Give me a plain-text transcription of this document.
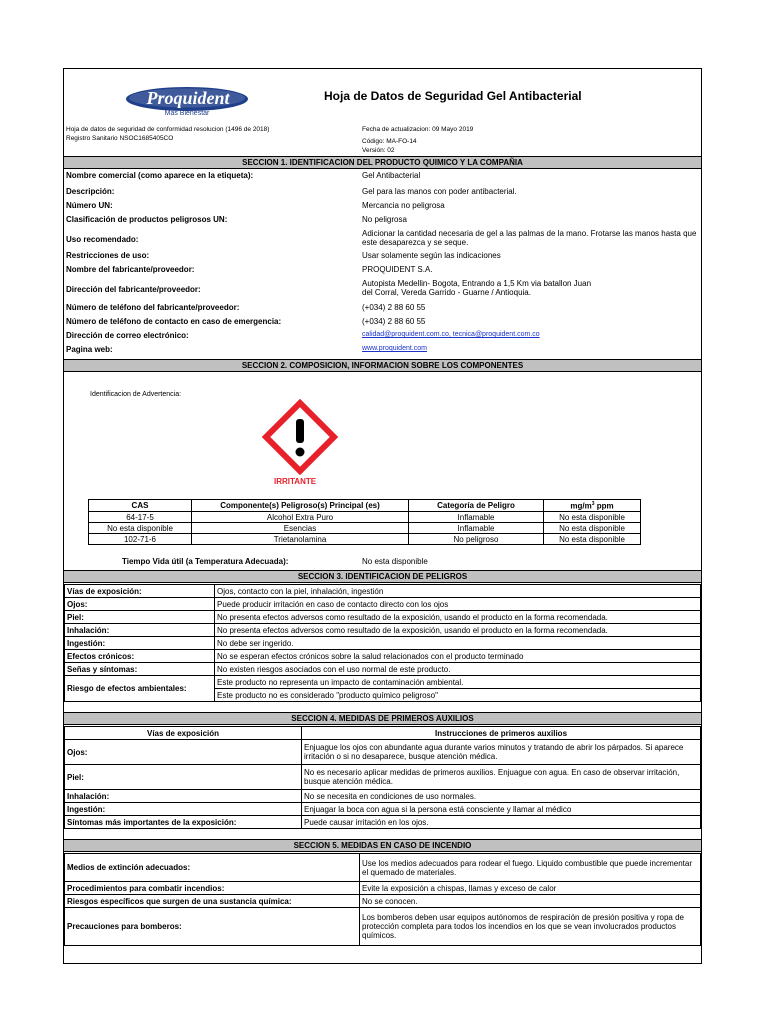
Proquident
Más Bienestar
Hoja de Datos de Seguridad Gel Antibacterial
Hoja de datos de seguridad de conformidad resolucion (1496 de 2018)
Registro Sanitario NSOC1685405CO
Fecha de actualizacion: 09 Mayo 2019
Código: MA-FO-14
Versión: 02
SECCION 1. IDENTIFICACION DEL PRODUCTO QUIMICO Y LA COMPAÑIA
Nombre comercial (como aparece en la etiqueta):	Gel Antibacterial
Descripción:	Gel para las manos con poder antibacterial.
Número UN:	Mercancia no peligrosa
Clasificación de productos peligrosos UN:	No peligrosa
Uso recomendado:
Adicionar la cantidad necesaria de gel a las palmas de la mano. Frotarse las manos hasta que este desaparezca y se seque.
Restricciones de uso:	Usar solamente según las indicaciones
Nombre del fabricante/proveedor:	PROQUIDENT S.A.
Dirección del fabricante/proveedor:
Autopista Medellin- Bogota, Entrando a 1,5 Km via batallon Juan del Corral, Vereda Garrido - Guarne / Antioquia.
Número de teléfono del fabricante/proveedor:	(+034) 2 88 60 55
Número de teléfono de contacto en caso de emergencia:	(+034) 2 88 60 55
Dirección de correo electrónico:	calidad@proquident.com.co, tecnica@proquident.com.co
Pagina web:	www.proquident.com
SECCION 2. COMPOSICION, INFORMACION SOBRE LOS COMPONENTES
Identificacion de Advertencia:
IRRITANTE
CAS	Componente(s) Peligroso(s) Principal (es)	Categoría de Peligro	$mg/m^3$ ppm
64-17-5	Alcohol Extra Puro	Inflamable	No esta disponible
No esta disponible	Esencias	Inflamable	No esta disponible
102-71-6	Trietanolamina	No peligroso	No esta disponible
Tiempo Vida útil (a Temperatura Adecuada):	No esta disponible
SECCION 3. IDENTIFICACION DE PELIGROS
Vías de exposición:	Ojos, contacto con la piel, inhalación, ingestión
Ojos:	Puede producir irritación en caso de contacto directo con los ojos
Piel:	No presenta efectos adversos como resultado de la exposición, usando el producto en la forma recomendada.
Inhalación:	No presenta efectos adversos como resultado de la exposición, usando el producto en la forma recomendada.
Ingestión:	No debe ser ingerido.
Efectos crónicos:	No se esperan efectos crónicos sobre la salud relacionados con el producto terminado
Señas y síntomas:	No existen riesgos asociados con el uso normal de este producto.
Riesgo de efectos ambientales:	Este producto no representa un impacto de contaminación ambiental.
	Este producto no es considerado "producto químico peligroso"
SECCION 4. MEDIDAS DE PRIMEROS AUXILIOS
Vías de exposición	Instrucciones de primeros auxilios
Ojos:	Enjuague los ojos con abundante agua durante varios minutos y tratando de abrir los párpados. Si aparece irritación o si no desaparece, busque atención médica.
Piel:	No es necesario aplicar medidas de primeros auxilios. Enjuague con agua. En caso de observar irritación, busque atención médica.
Inhalación:	No se necesita en condiciones de uso normales.
Ingestión:	Enjuagar la boca con agua si la persona está consciente y llamar al médico
Síntomas más importantes de la exposición:	Puede causar irritación en los ojos.
SECCION 5. MEDIDAS EN CASO DE INCENDIO
Medios de extinción adecuados:	Use los medios adecuados para rodear el fuego. Liquido combustible que puede incrementar el quemado de materiales.
Procedimientos para combatir incendios:	Evite la exposición a chispas, llamas y exceso de calor
Riesgos específicos que surgen de una sustancia química:	No se conocen.
Precauciones para bomberos:	Los bomberos deben usar equipos autónomos de respiración de presión positiva y ropa de protección completa para todos los incendios en los que se vean involucrados productos químicos.
